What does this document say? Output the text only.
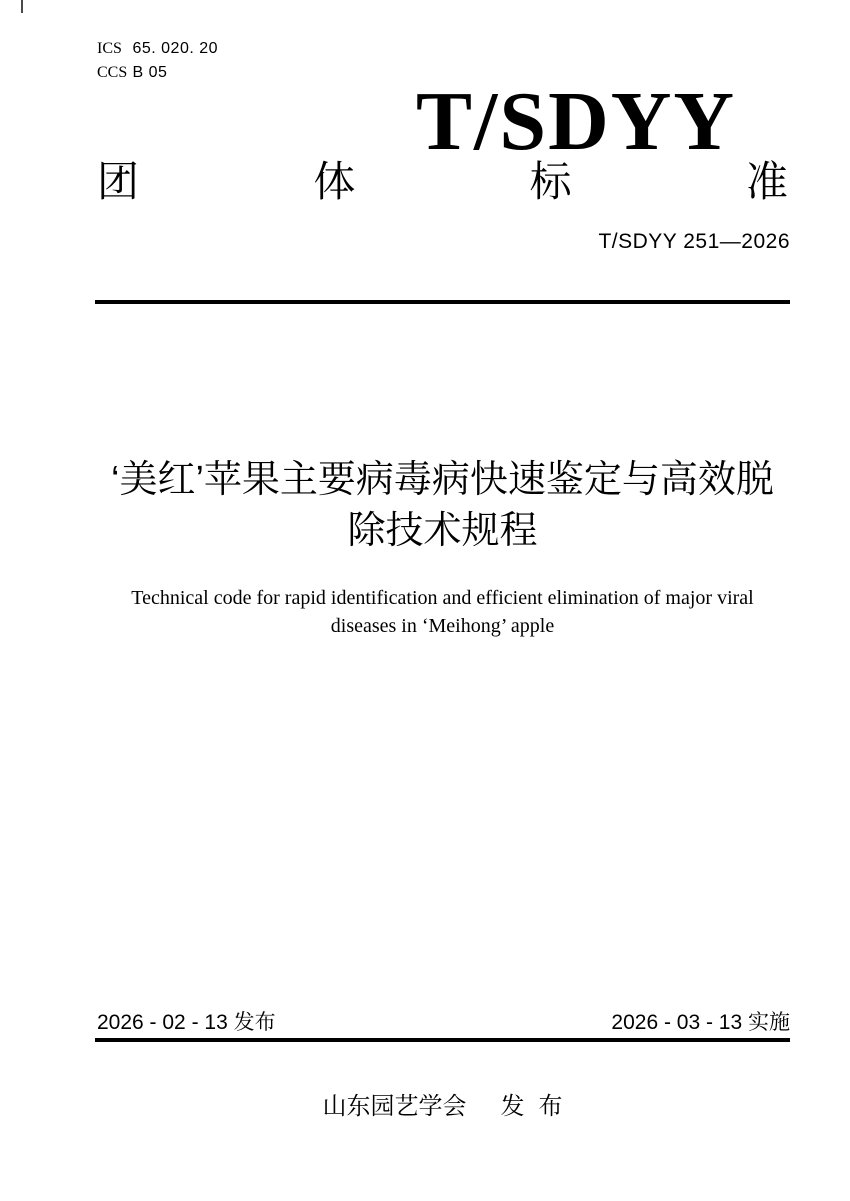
ICS 65. 020. 20
CCS B 05
T/SDYY
团	体	标	准
T/SDYY 251—2026
‘美红’苹果主要病毒病快速鉴定与高效脱
除技术规程
Technical code for rapid identification and efficient elimination of major viral
diseases in ‘Meihong’ apple
2026 - 02 - 13 发布	2026 - 03 - 13 实施
山东园艺学会 发布
